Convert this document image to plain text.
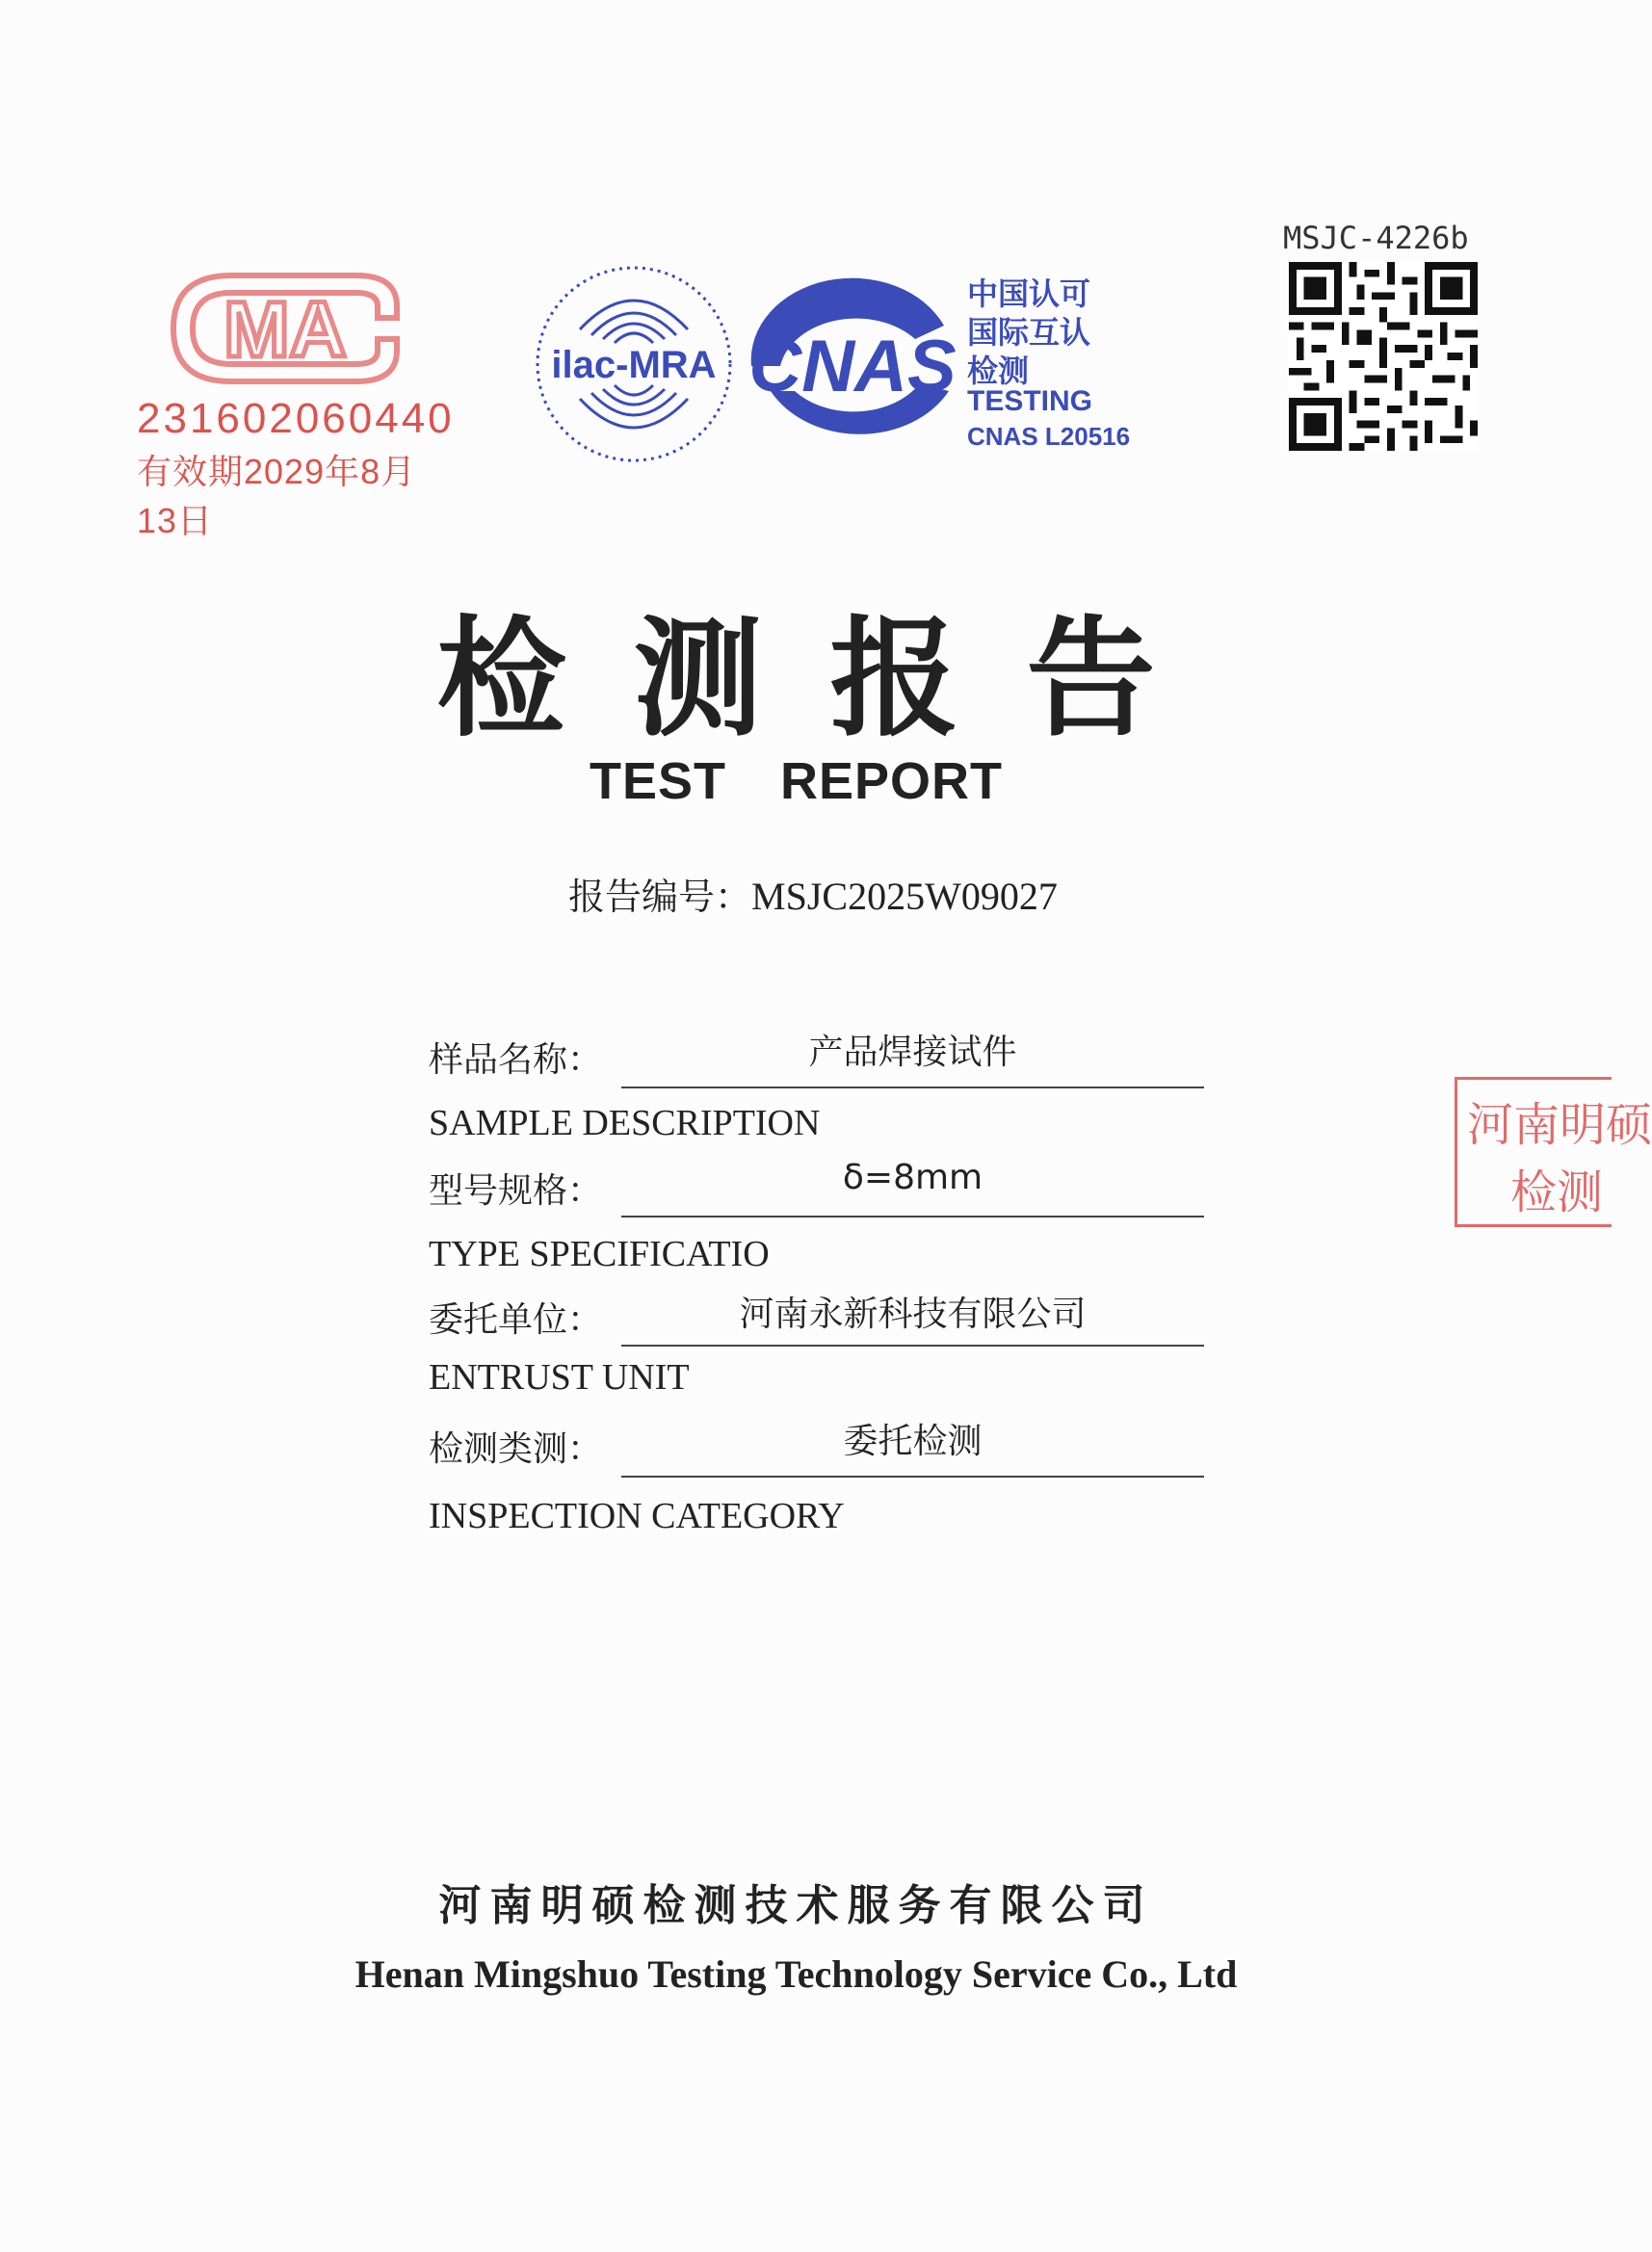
MA
231602060440
有效期2029年8月13日
ilac-MRA CNAS
中国认可
国际互认
检测
TESTING
CNAS L20516
MSJC-4226b
检测报告
TEST REPORT
报告编号：MSJC2025W09027
样品名称：	产品焊接试件
SAMPLE DESCRIPTION
型号规格：	δ=8mm
TYPE SPECIFICATIO
委托单位：	河南永新科技有限公司
ENTRUST UNIT
检测类测：	委托检测
INSPECTION CATEGORY
河南明硕
检测
河南明硕检测技术服务有限公司
Henan Mingshuo Testing Technology Service Co., Ltd
